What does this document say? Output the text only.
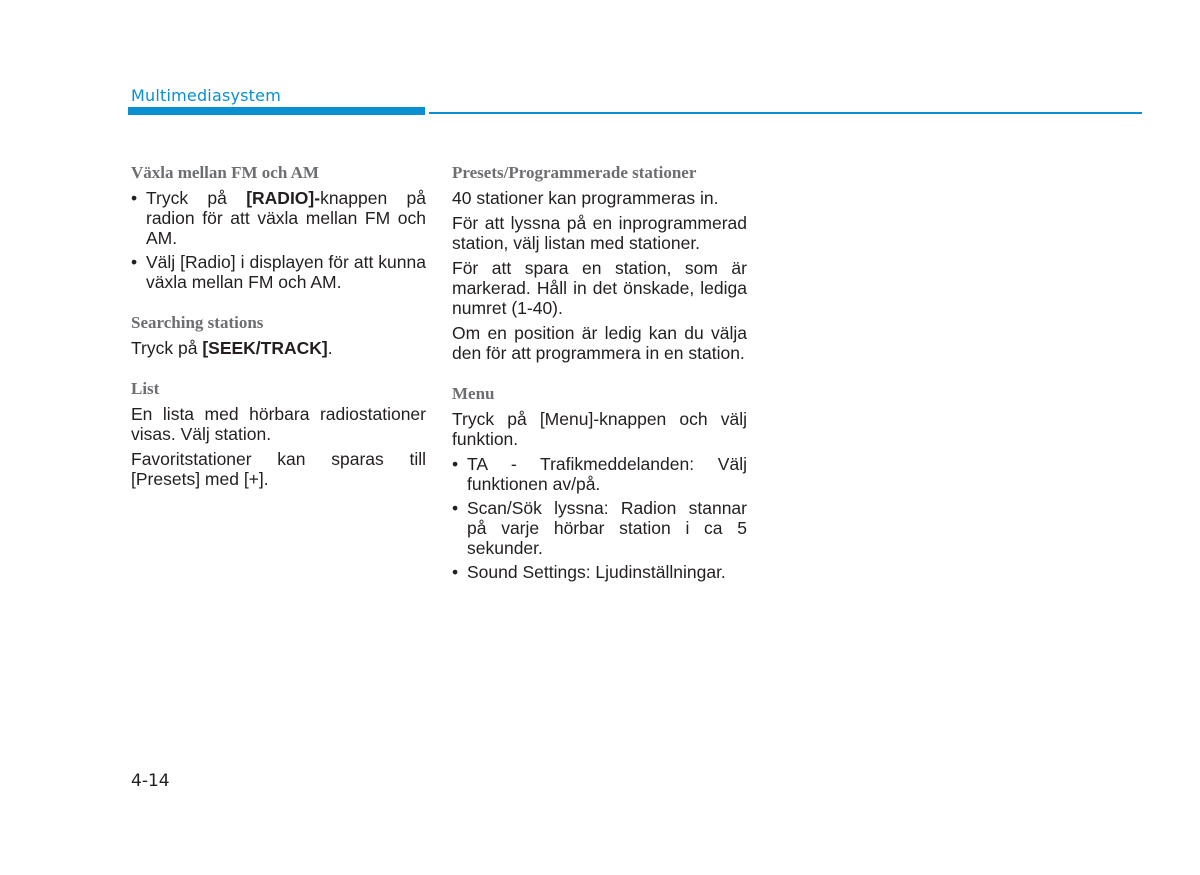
Multimediasystem
Växla mellan FM och AM
• Tryck på [RADIO]-knappen på radion för att växla mellan FM och AM.
• Välj [Radio] i displayen för att kunna växla mellan FM och AM.
Searching stations
Tryck på [SEEK/TRACK].
List
En lista med hörbara radiostationer visas. Välj station.
Favoritstationer kan sparas till [Presets] med [+].
Presets/Programmerade stationer
40 stationer kan programmeras in.
För att lyssna på en inprogrammerad station, välj listan med stationer.
För att spara en station, som är markerad. Håll in det önskade, lediga numret (1-40).
Om en position är ledig kan du välja den för att programmera in en station.
Menu
Tryck på [Menu]-knappen och välj funktion.
• TA - Trafikmeddelanden: Välj funktionen av/på.
• Scan/Sök lyssna: Radion stannar på varje hörbar station i ca 5 sekunder.
• Sound Settings: Ljudinställningar.
4-14
